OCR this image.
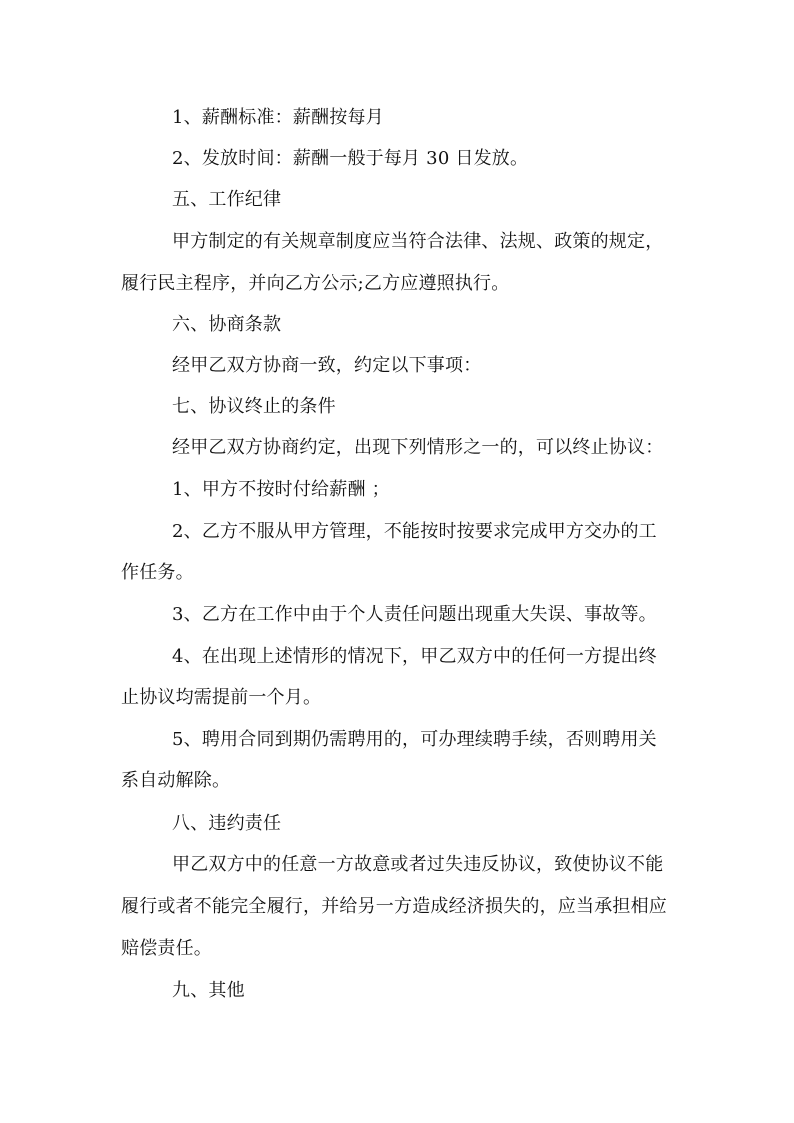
1、薪酬标准：薪酬按每月
2、发放时间：薪酬一般于每月 30 日发放。
五、工作纪律
甲方制定的有关规章制度应当符合法律、法规、政策的规定，
履行民主程序，并向乙方公示;乙方应遵照执行。
六、协商条款
经甲乙双方协商一致，约定以下事项：
七、协议终止的条件
经甲乙双方协商约定，出现下列情形之一的，可以终止协议：
1、甲方不按时付给薪酬 ；
2、乙方不服从甲方管理，不能按时按要求完成甲方交办的工
作任务。
3、乙方在工作中由于个人责任问题出现重大失误、事故等。
4、在出现上述情形的情况下，甲乙双方中的任何一方提出终
止协议均需提前一个月。
5、聘用合同到期仍需聘用的，可办理续聘手续，否则聘用关
系自动解除。
八、违约责任
甲乙双方中的任意一方故意或者过失违反协议，致使协议不能
履行或者不能完全履行，并给另一方造成经济损失的，应当承担相应
赔偿责任。
九、其他
